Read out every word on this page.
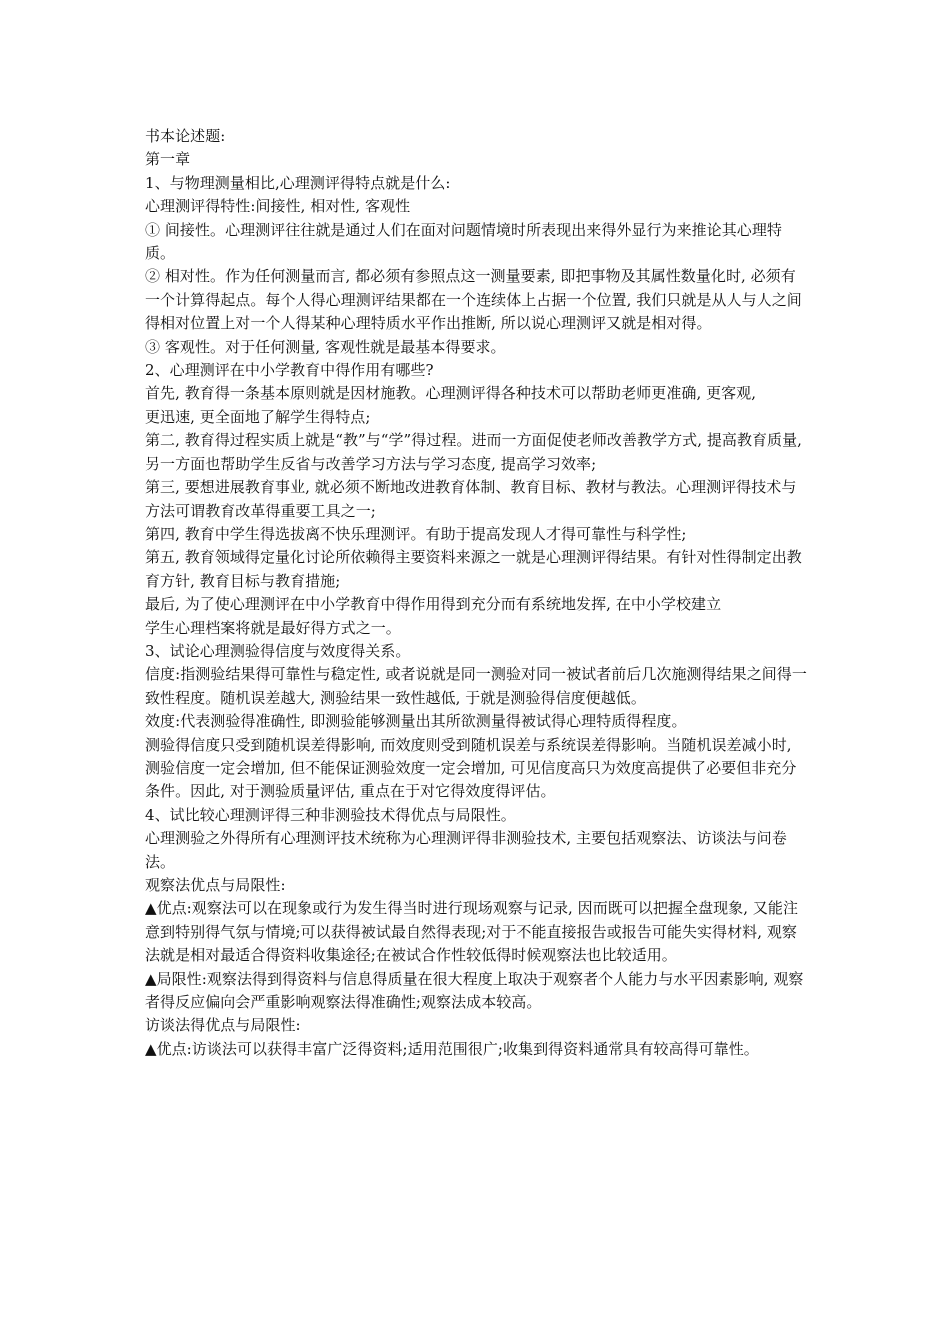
书本论述题:

第一章

1、与物理测量相比,心理测评得特点就是什么:

心理测评得特性:间接性, 相对性, 客观性

① 间接性。心理测评往往就是通过人们在面对问题情境时所表现出来得外显行为来推论其心理特质。

② 相对性。作为任何测量而言, 都必须有参照点这一测量要素, 即把事物及其属性数量化时, 必须有一个计算得起点。每个人得心理测评结果都在一个连续体上占据一个位置, 我们只就是从人与人之间得相对位置上对一个人得某种心理特质水平作出推断, 所以说心理测评又就是相对得。

③ 客观性。对于任何测量, 客观性就是最基本得要求。

2、心理测评在中小学教育中得作用有哪些?

首先, 教育得一条基本原则就是因材施教。心理测评得各种技术可以帮助老师更准确, 更客观,

更迅速, 更全面地了解学生得特点;

第二, 教育得过程实质上就是“教”与“学”得过程。进而一方面促使老师改善教学方式, 提高教育质量, 另一方面也帮助学生反省与改善学习方法与学习态度, 提高学习效率;

第三, 要想进展教育事业, 就必须不断地改进教育体制、教育目标、教材与教法。心理测评得技术与方法可谓教育改革得重要工具之一;

第四, 教育中学生得选拔离不快乐理测评。有助于提高发现人才得可靠性与科学性;

第五, 教育领域得定量化讨论所依赖得主要资料来源之一就是心理测评得结果。有针对性得制定出教育方针, 教育目标与教育措施;

最后, 为了使心理测评在中小学教育中得作用得到充分而有系统地发挥, 在中小学校建立

学生心理档案将就是最好得方式之一。

3、试论心理测验得信度与效度得关系。

信度:指测验结果得可靠性与稳定性, 或者说就是同一测验对同一被试者前后几次施测得结果之间得一致性程度。随机误差越大, 测验结果一致性越低, 于就是测验得信度便越低。

效度:代表测验得准确性, 即测验能够测量出其所欲测量得被试得心理特质得程度。

测验得信度只受到随机误差得影响, 而效度则受到随机误差与系统误差得影响。当随机误差减小时, 测验信度一定会增加, 但不能保证测验效度一定会增加, 可见信度高只为效度高提供了必要但非充分条件。因此, 对于测验质量评估, 重点在于对它得效度得评估。

4、试比较心理测评得三种非测验技术得优点与局限性。

心理测验之外得所有心理测评技术统称为心理测评得非测验技术, 主要包括观察法、访谈法与问卷法。

观察法优点与局限性:

▲优点:观察法可以在现象或行为发生得当时进行现场观察与记录, 因而既可以把握全盘现象, 又能注意到特别得气氛与情境;可以获得被试最自然得表现;对于不能直接报告或报告可能失实得材料, 观察法就是相对最适合得资料收集途径;在被试合作性较低得时候观察法也比较适用。

▲局限性:观察法得到得资料与信息得质量在很大程度上取决于观察者个人能力与水平因素影响, 观察者得反应偏向会严重影响观察法得准确性;观察法成本较高。

访谈法得优点与局限性:

▲优点:访谈法可以获得丰富广泛得资料;适用范围很广;收集到得资料通常具有较高得可靠性。
